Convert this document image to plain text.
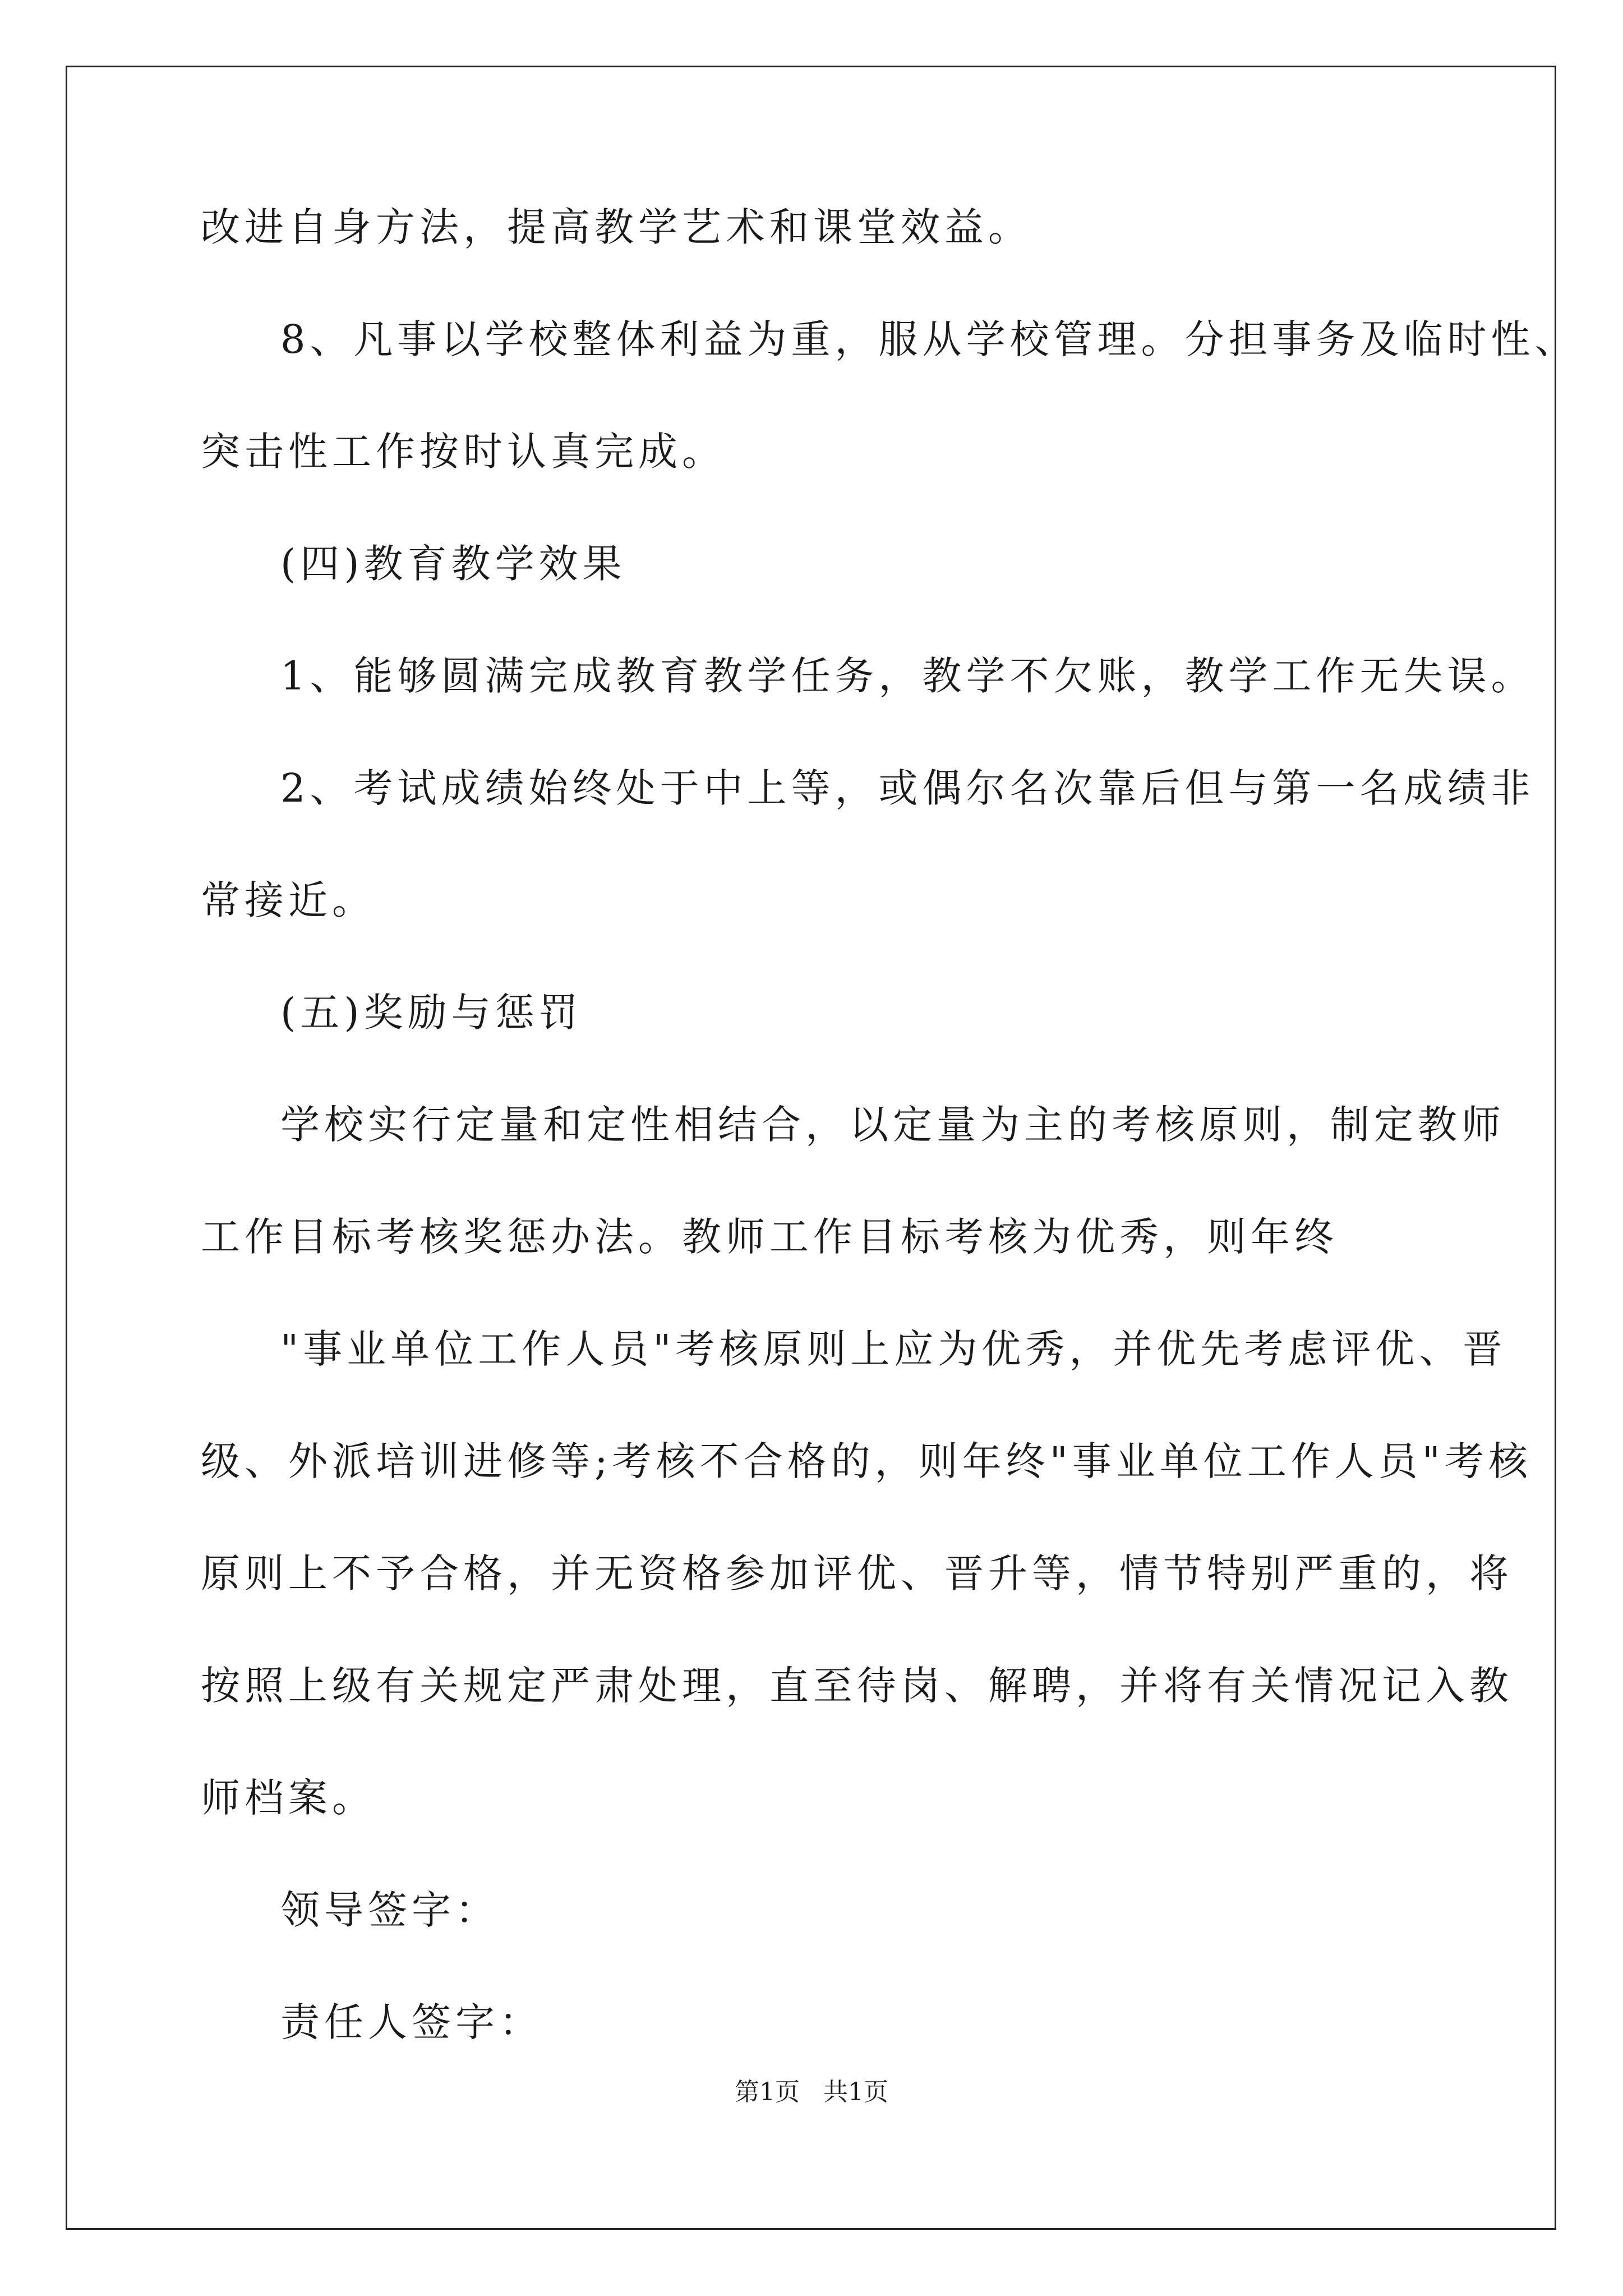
改进自身方法，提高教学艺术和课堂效益。
8、凡事以学校整体利益为重，服从学校管理。分担事务及临时性、
突击性工作按时认真完成。
(四)教育教学效果
1、能够圆满完成教育教学任务，教学不欠账，教学工作无失误。
2、考试成绩始终处于中上等，或偶尔名次靠后但与第一名成绩非
常接近。
(五)奖励与惩罚
学校实行定量和定性相结合，以定量为主的考核原则，制定教师
工作目标考核奖惩办法。教师工作目标考核为优秀，则年终
"事业单位工作人员"考核原则上应为优秀，并优先考虑评优、晋
级、外派培训进修等;考核不合格的，则年终"事业单位工作人员"考核
原则上不予合格，并无资格参加评优、晋升等，情节特别严重的，将
按照上级有关规定严肃处理，直至待岗、解聘，并将有关情况记入教
师档案。
领导签字：
责任人签字：
第1页   共1页
